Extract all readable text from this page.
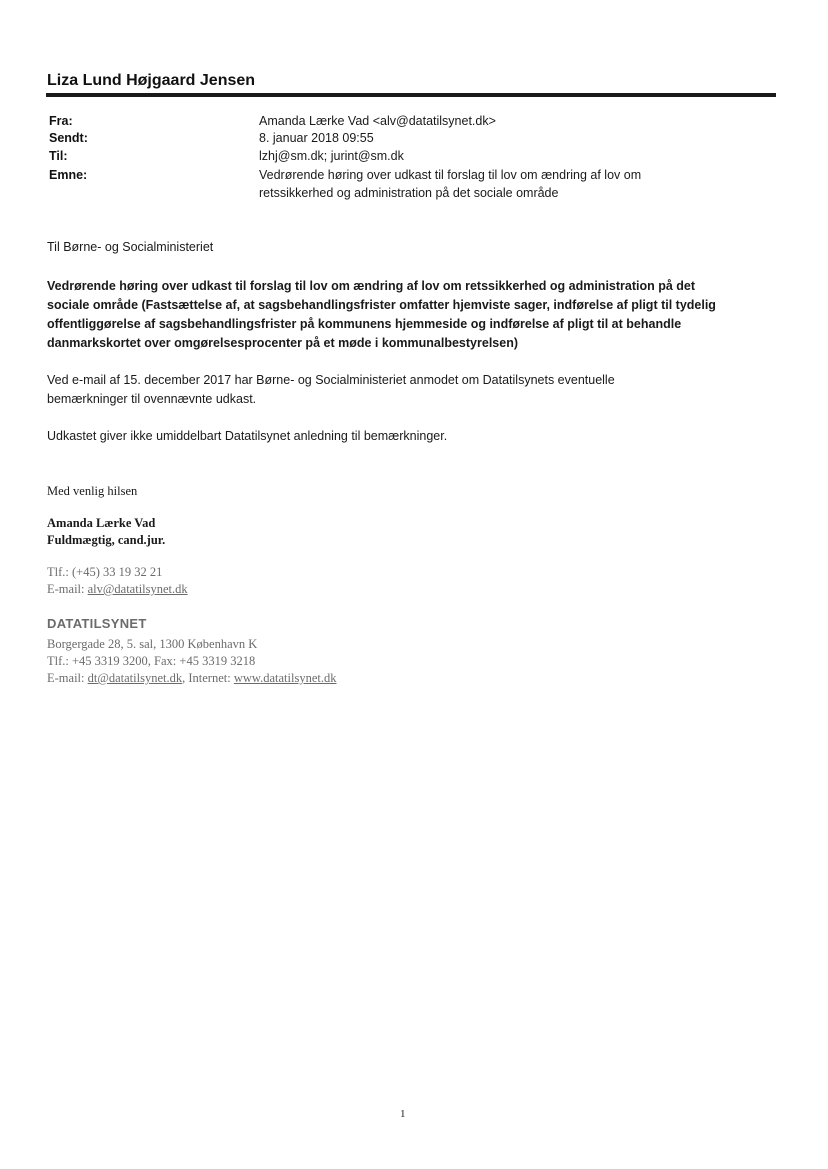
Liza Lund Højgaard Jensen
Fra:	Amanda Lærke Vad <alv@datatilsynet.dk>
Sendt:	8. januar 2018 09:55
Til:	lzhj@sm.dk; jurint@sm.dk
Emne:	Vedrørende høring over udkast til forslag til lov om ændring af lov om
retssikkerhed og administration på det sociale område
Til Børne- og Socialministeriet
Vedrørende høring over udkast til forslag til lov om ændring af lov om retssikkerhed og administration på det
sociale område (Fastsættelse af, at sagsbehandlingsfrister omfatter hjemviste sager, indførelse af pligt til tydelig
offentliggørelse af sagsbehandlingsfrister på kommunens hjemmeside og indførelse af pligt til at behandle
danmarkskortet over omgørelsesprocenter på et møde i kommunalbestyrelsen)
Ved e-mail af 15. december 2017 har Børne- og Socialministeriet anmodet om Datatilsynets eventuelle
bemærkninger til ovennævnte udkast.
Udkastet giver ikke umiddelbart Datatilsynet anledning til bemærkninger.
Med venlig hilsen
Amanda Lærke Vad
Fuldmægtig, cand.jur.
Tlf.: (+45) 33 19 32 21
E-mail: alv@datatilsynet.dk
DATATILSYNET
Borgergade 28, 5. sal, 1300 København K
Tlf.: +45 3319 3200, Fax: +45 3319 3218
E-mail: dt@datatilsynet.dk, Internet: www.datatilsynet.dk
1
